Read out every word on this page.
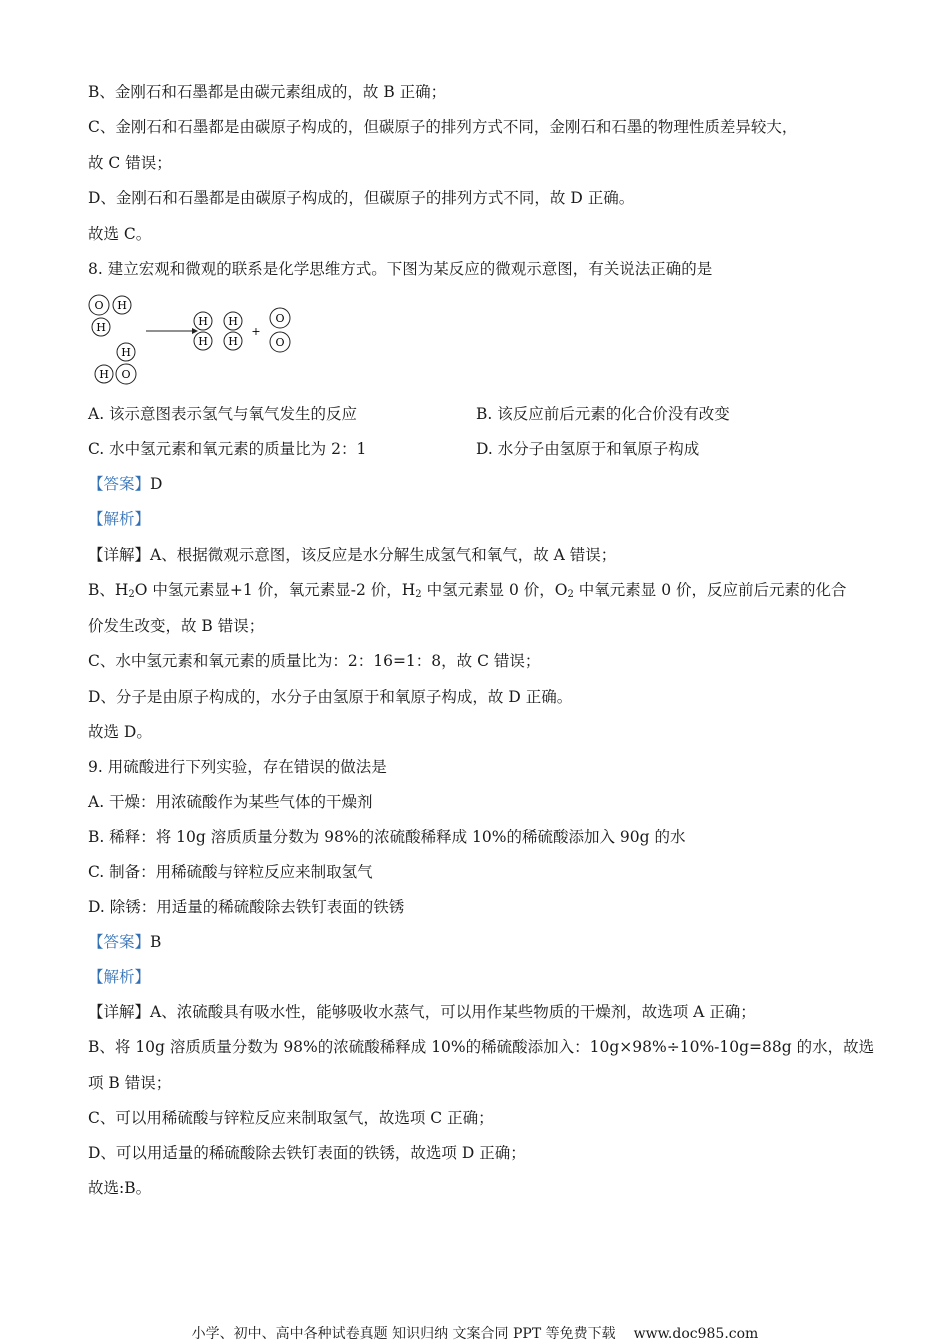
B、金刚石和石墨都是由碳元素组成的，故 B 正确；
C、金刚石和石墨都是由碳原子构成的，但碳原子的排列方式不同，金刚石和石墨的物理性质差异较大，
故 C 错误；
D、金刚石和石墨都是由碳原子构成的，但碳原子的排列方式不同，故 D 正确。
故选 C。
8. 建立宏观和微观的联系是化学思维方式。下图为某反应的微观示意图，有关说法正确的是
O H
H
H
H O
H
H
H
H
+
O
O
A. 该示意图表示氢气与氧气发生的反应	B. 该反应前后元素的化合价没有改变
C. 水中氢元素和氧元素的质量比为 2：1	D. 水分子由氢原于和氧原子构成
【答案】D
【解析】
【详解】A、根据微观示意图，该反应是水分解生成氢气和氧气，故 A 错误；
B、$H_2O$ 中氢元素显+1 价，氧元素显-2 价，$H_2$ 中氢元素显 0 价，$O_2$ 中氧元素显 0 价，反应前后元素的化合
价发生改变，故 B 错误；
C、水中氢元素和氧元素的质量比为：2：16=1：8，故 C 错误；
D、分子是由原子构成的，水分子由氢原于和氧原子构成，故 D 正确。
故选 D。
9. 用硫酸进行下列实验，存在错误的做法是
A. 干燥：用浓硫酸作为某些气体的干燥剂
B. 稀释：将 10g 溶质质量分数为 98%的浓硫酸稀释成 10%的稀硫酸添加入 90g 的水
C. 制备：用稀硫酸与锌粒反应来制取氢气
D. 除锈：用适量的稀硫酸除去铁钉表面的铁锈
【答案】B
【解析】
【详解】A、浓硫酸具有吸水性，能够吸收水蒸气，可以用作某些物质的干燥剂，故选项 A 正确；
B、将 10g 溶质质量分数为 98%的浓硫酸稀释成 10%的稀硫酸添加入：10g×98%÷10%-10g=88g 的水，故选
项 B 错误；
C、可以用稀硫酸与锌粒反应来制取氢气，故选项 C 正确；
D、可以用适量的稀硫酸除去铁钉表面的铁锈，故选项 D 正确；
故选:B。
小学、初中、高中各种试卷真题 知识归纳 文案合同 PPT 等免费下载 www.doc985.com
